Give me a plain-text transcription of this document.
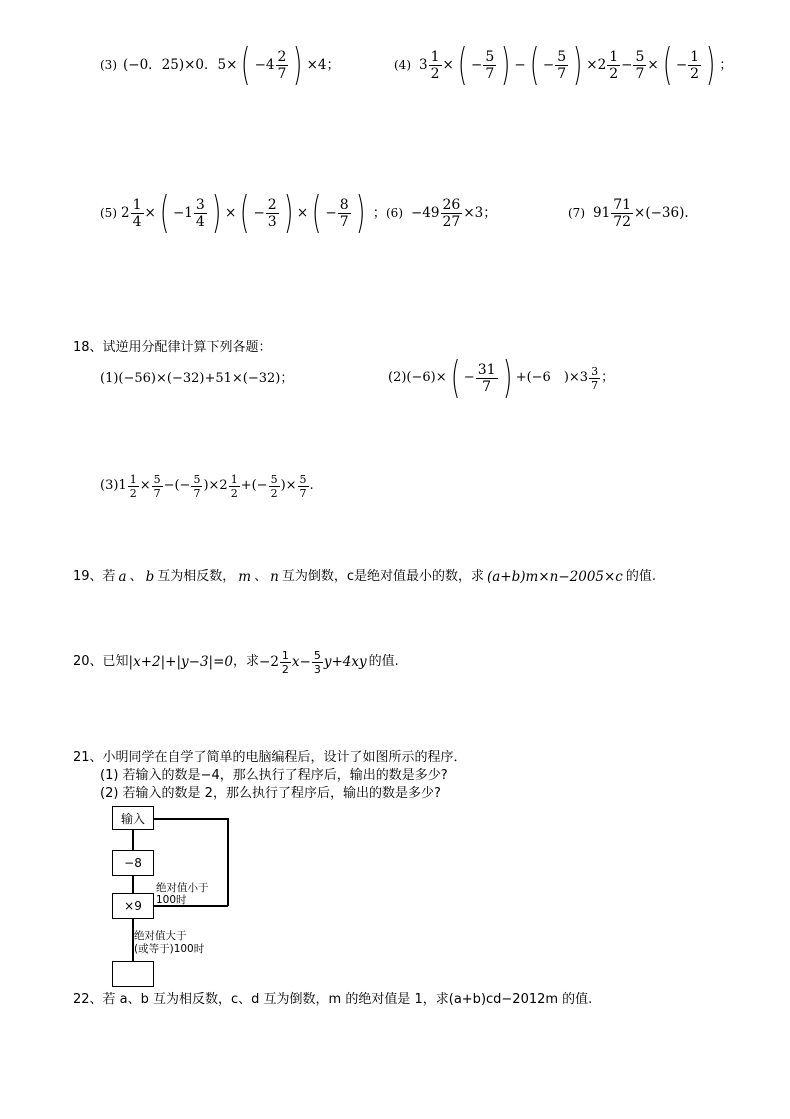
(3) (−0．25)×0．5× ( $-4 \frac{2}{7}$ ) ×4；	(4) $3 \frac{1}{2}$ × ( − $\frac{5}{7}$ ) − ( − $\frac{5}{7}$ ) × $2 \frac{1}{2} - \frac{5}{7}$ × ( − $\frac{1}{2}$ ) ；
(5) $2 \frac{1}{4}$ × ( $-1 \frac{3}{4}$ ) × ( − $\frac{2}{3}$ ) × ( − $\frac{8}{7}$ ) ； $(6) -49 \frac{26}{27} \times 3$；	(7) $91 \frac{71}{72} \times(-36)$.
18、试逆用分配律计算下列各题：
(1)(−56)×(−32)+51×(−32)；	(2)(−6)× ( − $\frac{31}{7}$ ) +(−6　)$\times 3 \frac{3}{7}$ ；
$(3)1 \frac{1}{2} \times \frac{5}{7}$ −(− $\frac{5}{7} )\times 2 \frac{1}{2}$ +(− $\frac{5}{2}$ )× $\frac{5}{7}$ .
19、若 a 、 b 互为相反数， m 、 n 互为倒数，c是绝对值最小的数，求 (a+b)m×n−2005×c 的值.
20、已知 |x+2|+|y−3|=0 ，求 $-2 \frac{1}{2} x- \frac{5}{3} y+4xy$ 的值.
21、小明同学在自学了简单的电脑编程后，设计了如图所示的程序．
(1) 若输入的数是−4，那么执行了程序后，输出的数是多少?
(2) 若输入的数是 2，那么执行了程序后，输出的数是多少?
输入
−8
×9
绝对值小于
100时
绝对值大于
(或等于)100时
22、若 a、b 互为相反数，c、d 互为倒数，m 的绝对值是 1，求(a+b)cd−2012m 的值.
